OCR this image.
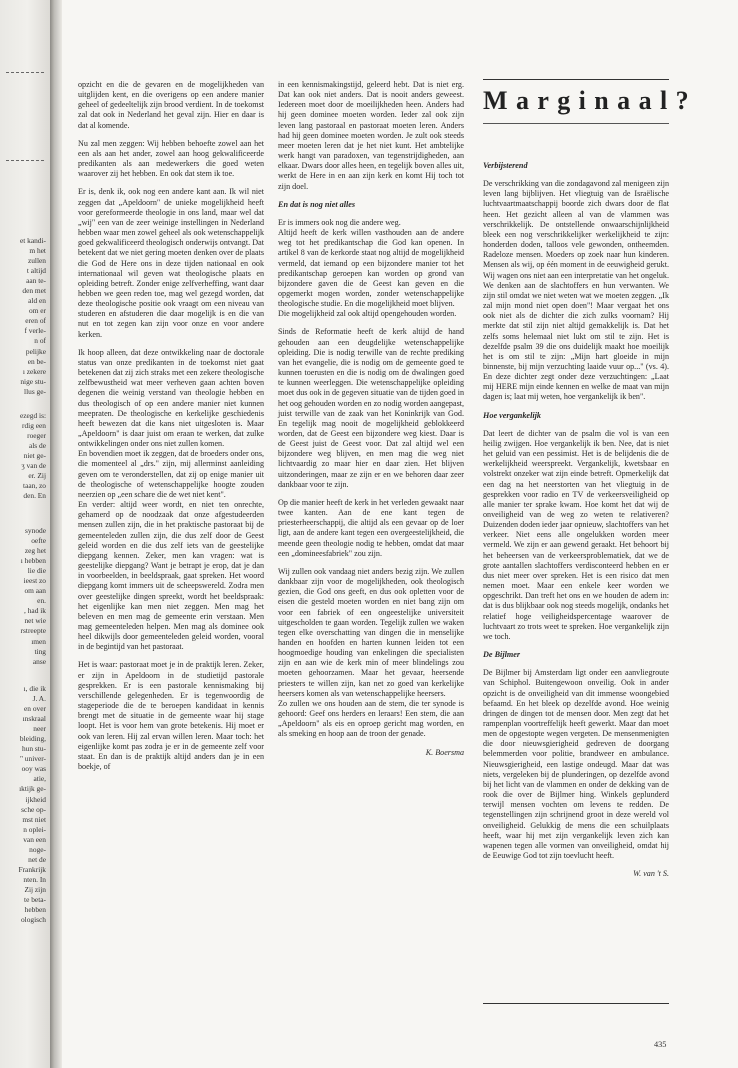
et kandi-
m het
zullen
t altijd
aan te-
den met
ald en
om er
eren of
f verle-
n of
pelijke
en be-
ı zekere
nige stu-
llus ge-
ezegd is:
rdig een
roeger
als de
niet ge-
ʒ van de
er. Zij
taan, zo
den. En
synode
oefte
zeg het
ı hebben
lie die
ieest zo
om aan
en.
, had ik
net wie
rstreepte
ımen
ting
anse
ı, die ik
J. A.
en over
ınskraal
neer
bleiding,
hun stu-
" univer-
ooy was
atie,
ıktijk ge-
ijkheid
sche op-
mst niet
n oplei-
van een
noge-
net de
Frankrijk
nten. In
Zij zijn
te beta-
hebben
ologisch

opzicht en die de gevaren en de mogelijkheden van uitglijden kent, en die overigens op een andere manier geheel of gedeeltelijk zijn brood verdient. In de toekomst zal dat ook in Nederland het geval zijn. Hier en daar is dat al komende.

Nu zal men zeggen: Wij hebben behoefte zowel aan het een als aan het ander, zowel aan hoog gekwalificeerde predikanten als aan medewerkers die goed weten waarover zij het hebben. En ook dat stem ik toe.

Er is, denk ik, ook nog een andere kant aan. Ik wil niet zeggen dat „Apeldoorn" de unieke mogelijkheid heeft voor gereformeerde theologie in ons land, maar wel dat „wij" een van de zeer weinige instellingen in Nederland hebben waar men zowel geheel als ook wetenschappelijk goed gekwalificeerd theologisch onderwijs ontvangt. Dat betekent dat we niet gering moeten denken over de plaats die God de Here ons in deze tijden nationaal en ook internationaal wil geven wat theologische plaats en opleiding betreft. Zonder enige zelfverheffing, want daar hebben we geen reden toe, mag wel gezegd worden, dat deze theologische positie ook vraagt om een niveau van studeren en afstuderen die daar mogelijk is en die van nut en tot zegen kan zijn voor onze en voor andere kerken.

Ik hoop alleen, dat deze ontwikkeling naar de doctorale status van onze predikanten in de toekomst niet gaat betekenen dat zij zich straks met een zekere theologische zelfbewustheid wat meer verheven gaan achten boven degenen die weinig verstand van theologie hebben en dus theologisch of op een andere manier niet kunnen meepraten. De theologische en kerkelijke geschiedenis heeft bewezen dat die kans niet uitgesloten is. Maar „Apeldoorn" is daar juist om eraan te werken, dat zulke ontwikkelingen onder ons niet zullen komen.

En bovendien moet ik zeggen, dat de broeders onder ons, die momenteel al „drs." zijn, mij allerminst aanleiding geven om te veronderstellen, dat zij op enige manier uit de theologische of wetenschappelijke hoogte zouden neerzien op „een schare die de wet niet kent".

En verder: altijd weer wordt, en niet ten onrechte, gehamerd op de noodzaak dat onze afgestudeerden mensen zullen zijn, die in het praktische pastoraat bij de gemeenteleden zullen zijn, die dus zelf door de Geest geleid worden en die dus zelf iets van de geestelijke diepgang kennen. Zeker, men kan vragen: wat is geestelijke diepgang? Want je betrapt je erop, dat je dan in voorbeelden, in beeldspraak, gaat spreken. Het woord diepgang komt immers uit de scheepswereld. Zodra men over geestelijke dingen spreekt, wordt het beeldspraak: het eigenlijke kan men niet zeggen. Men mag het beleven en men mag de gemeente erin verstaan. Men mag gemeenteleden helpen. Men mag als dominee ook heel dikwijls door gemeenteleden geleid worden, vooral in de begintijd van het pastoraat.

Het is waar: pastoraat moet je in de praktijk leren. Zeker, er zijn in Apeldoorn in de studietijd pastorale gesprekken. Er is een pastorale kennismaking bij verschillende gelegenheden. Er is tegenwoordig de stageperiode die de te beroepen kandidaat in kennis brengt met de situatie in de gemeente waar hij stage loopt. Het is voor hem van grote betekenis. Hij moet er ook van leren. Hij zal ervan willen leren. Maar toch: het eigenlijke komt pas zodra je er in de gemeente zelf voor staat. En dan is de praktijk altijd anders dan je in een boekje, of

in een kennismakingstijd, geleerd hebt. Dat is niet erg. Dat kan ook niet anders. Dat is nooit anders geweest. Iedereen moet door de moeilijkheden heen. Anders had hij geen dominee moeten worden. Ieder zal ook zijn leven lang pastoraal en pastoraat moeten leren. Anders had hij geen dominee moeten worden. Je zult ook steeds meer moeten leren dat je het niet kunt. Het ambtelijke werk hangt van paradoxen, van tegenstrijdigheden, aan elkaar. Dwars door alles heen, en tegelijk boven alles uit, werkt de Here in en aan zijn kerk en komt Hij toch tot zijn doel.

En dat is nog niet alles

Er is immers ook nog die andere weg.

Altijd heeft de kerk willen vasthouden aan de andere weg tot het predikantschap die God kan openen. In artikel 8 van de kerkorde staat nog altijd de mogelijkheid vermeld, dat iemand op een bijzondere manier tot het predikantschap geroepen kan worden op grond van bijzondere gaven die de Geest kan geven en die opgemerkt mogen worden, zonder wetenschappelijke theologische studie. En die mogelijkheid moet blijven.

Die mogelijkheid zal ook altijd opengehouden worden.

Sinds de Reformatie heeft de kerk altijd de hand gehouden aan een deugdelijke wetenschappelijke opleiding. Die is nodig terwille van de rechte prediking van het evangelie, die is nodig om de gemeente goed te kunnen toerusten en die is nodig om de dwalingen goed te kunnen weerleggen. Die wetenschappelijke opleiding moet dus ook in de gegeven situatie van de tijden goed in het oog gehouden worden en zo nodig worden aangepast, juist terwille van de zaak van het Koninkrijk van God. En tegelijk mag nooit de mogelijkheid geblokkeerd worden, dat de Geest een bijzondere weg kiest. Daar is de Geest juist de Geest voor. Dat zal altijd wel een bijzondere weg blijven, en men mag die weg niet lichtvaardig zo maar hier en daar zien. Het blijven uitzonderingen, maar ze zijn er en we behoren daar zeer dankbaar voor te zijn.

Op die manier heeft de kerk in het verleden gewaakt naar twee kanten. Aan de ene kant tegen de priesterheerschappij, die altijd als een gevaar op de loer ligt, aan de andere kant tegen een overgeestelijkheid, die meende geen theologie nodig te hebben, omdat dat maar een „domineesfabriek" zou zijn.

Wij zullen ook vandaag niet anders bezig zijn. We zullen dankbaar zijn voor de mogelijkheden, ook theologisch gezien, die God ons geeft, en dus ook opletten voor de eisen die gesteld moeten worden en niet bang zijn om voor een fabriek of een ongeestelijke universiteit uitgescholden te gaan worden. Tegelijk zullen we waken tegen elke overschatting van dingen die in menselijke handen en hoofden en harten kunnen leiden tot een hoogmoedige houding van enkelingen die specialisten zijn en aan wie de kerk min of meer blindelings zou moeten gehoorzamen. Maar het gevaar, heersende priesters te willen zijn, kan net zo goed van kerkelijke heersers komen als van wetenschappelijke heersers.

Zo zullen we ons houden aan de stem, die ter synode is gehoord: Geef ons herders en leraars! Een stem, die aan „Apeldoorn" als eis en oproep gericht mag worden, en als smeking en hoop aan de troon der genade.

K. Boersma
Marginaal?
Verbijsterend

De verschrikking van die zondagavond zal menigeen zijn leven lang bijblijven. Het vliegtuig van de Israëlische luchtvaartmaatschappij boorde zich dwars door de flat heen. Het gezicht alleen al van de vlammen was verschrikkelijk. De ontstellende onwaarschijnlijkheid bleek een nog verschrikkelijker werkelijkheid te zijn: honderden doden, talloos vele gewonden, ontheemden. Radeloze mensen. Moeders op zoek naar hun kinderen. Mensen als wij, op één moment in de eeuwigheid gerukt. Wij wagen ons niet aan een interpretatie van het ongeluk. We denken aan de slachtoffers en hun verwanten. We zijn stil omdat we niet weten wat we moeten zeggen. „Ik zal mijn mond niet open doen"! Maar vergaat het ons ook niet als de dichter die zich zulks voornam? Hij merkte dat stil zijn niet altijd gemakkelijk is. Dat het zelfs soms helemaal niet lukt om stil te zijn. Het is dezelfde psalm 39 die ons duidelijk maakt hoe moeilijk het is om stil te zijn: „Mijn hart gloeide in mijn binnenste, bij mijn verzuchting laaide vuur op..." (vs. 4). En deze dichter zegt onder deze verzuchtingen: „Laat mij HERE mijn einde kennen en welke de maat van mijn dagen is; laat mij weten, hoe vergankelijk ik ben".

Hoe vergankelijk

Dat leert de dichter van de psalm die vol is van een heilig zwijgen. Hoe vergankelijk ik ben. Nee, dat is niet het geluid van een pessimist. Het is de belijdenis die de werkelijkheid weerspreekt. Vergankelijk, kwetsbaar en volstrekt onzeker wat zijn einde betreft. Opmerkelijk dat een dag na het neerstorten van het vliegtuig in de gesprekken voor radio en TV de verkeersveiligheid op alle manier ter sprake kwam. Hoe komt het dat wij de onveiligheid van de weg zo weten te relativeren? Duizenden doden ieder jaar opnieuw, slachtoffers van het verkeer. Niet eens alle ongelukken worden meer vermeld. We zijn er aan gewend geraakt. Het behoort bij het beheersen van de verkeersproblematiek, dat we de grote aantallen slachtoffers verdisconteerd hebben en er dus niet meer over spreken. Het is een risico dat men nemen moet. Maar een enkele keer worden we opgeschrikt. Dan treft het ons en we houden de adem in: dat is dus blijkbaar ook nog steeds mogelijk, ondanks het relatief hoge veiligheidspercentage waarover de luchtvaart zo trots weet te spreken. Hoe vergankelijk zijn we toch.

De Bijlmer

De Bijlmer bij Amsterdam ligt onder een aanvliegroute van Schiphol. Buitengewoon onveilig. Ook in ander opzicht is de onveiligheid van dit immense woongebied befaamd. En het bleek op dezelfde avond. Hoe weinig dringen de dingen tot de mensen door. Men zegt dat het rampenplan voortreffelijk heeft gewerkt. Maar dan moet men de opgestopte wegen vergeten. De mensenmenigten die door nieuwsgierigheid gedreven de doorgang belemmerden voor politie, brandweer en ambulance. Nieuwsgierigheid, een lastige ondeugd. Maar dat was niets, vergeleken bij de plunderingen, op dezelfde avond bij het licht van de vlammen en onder de dekking van de rook die over de Bijlmer hing. Winkels geplunderd terwijl mensen vochten om levens te redden. De tegenstellingen zijn schrijnend groot in deze wereld vol onveiligheid. Gelukkig de mens die een schuilplaats heeft, waar hij met zijn vergankelijk leven zich kan wapenen tegen alle vormen van onveiligheid, omdat hij de Eeuwige God tot zijn toevlucht heeft.

W. van 't S.
435
